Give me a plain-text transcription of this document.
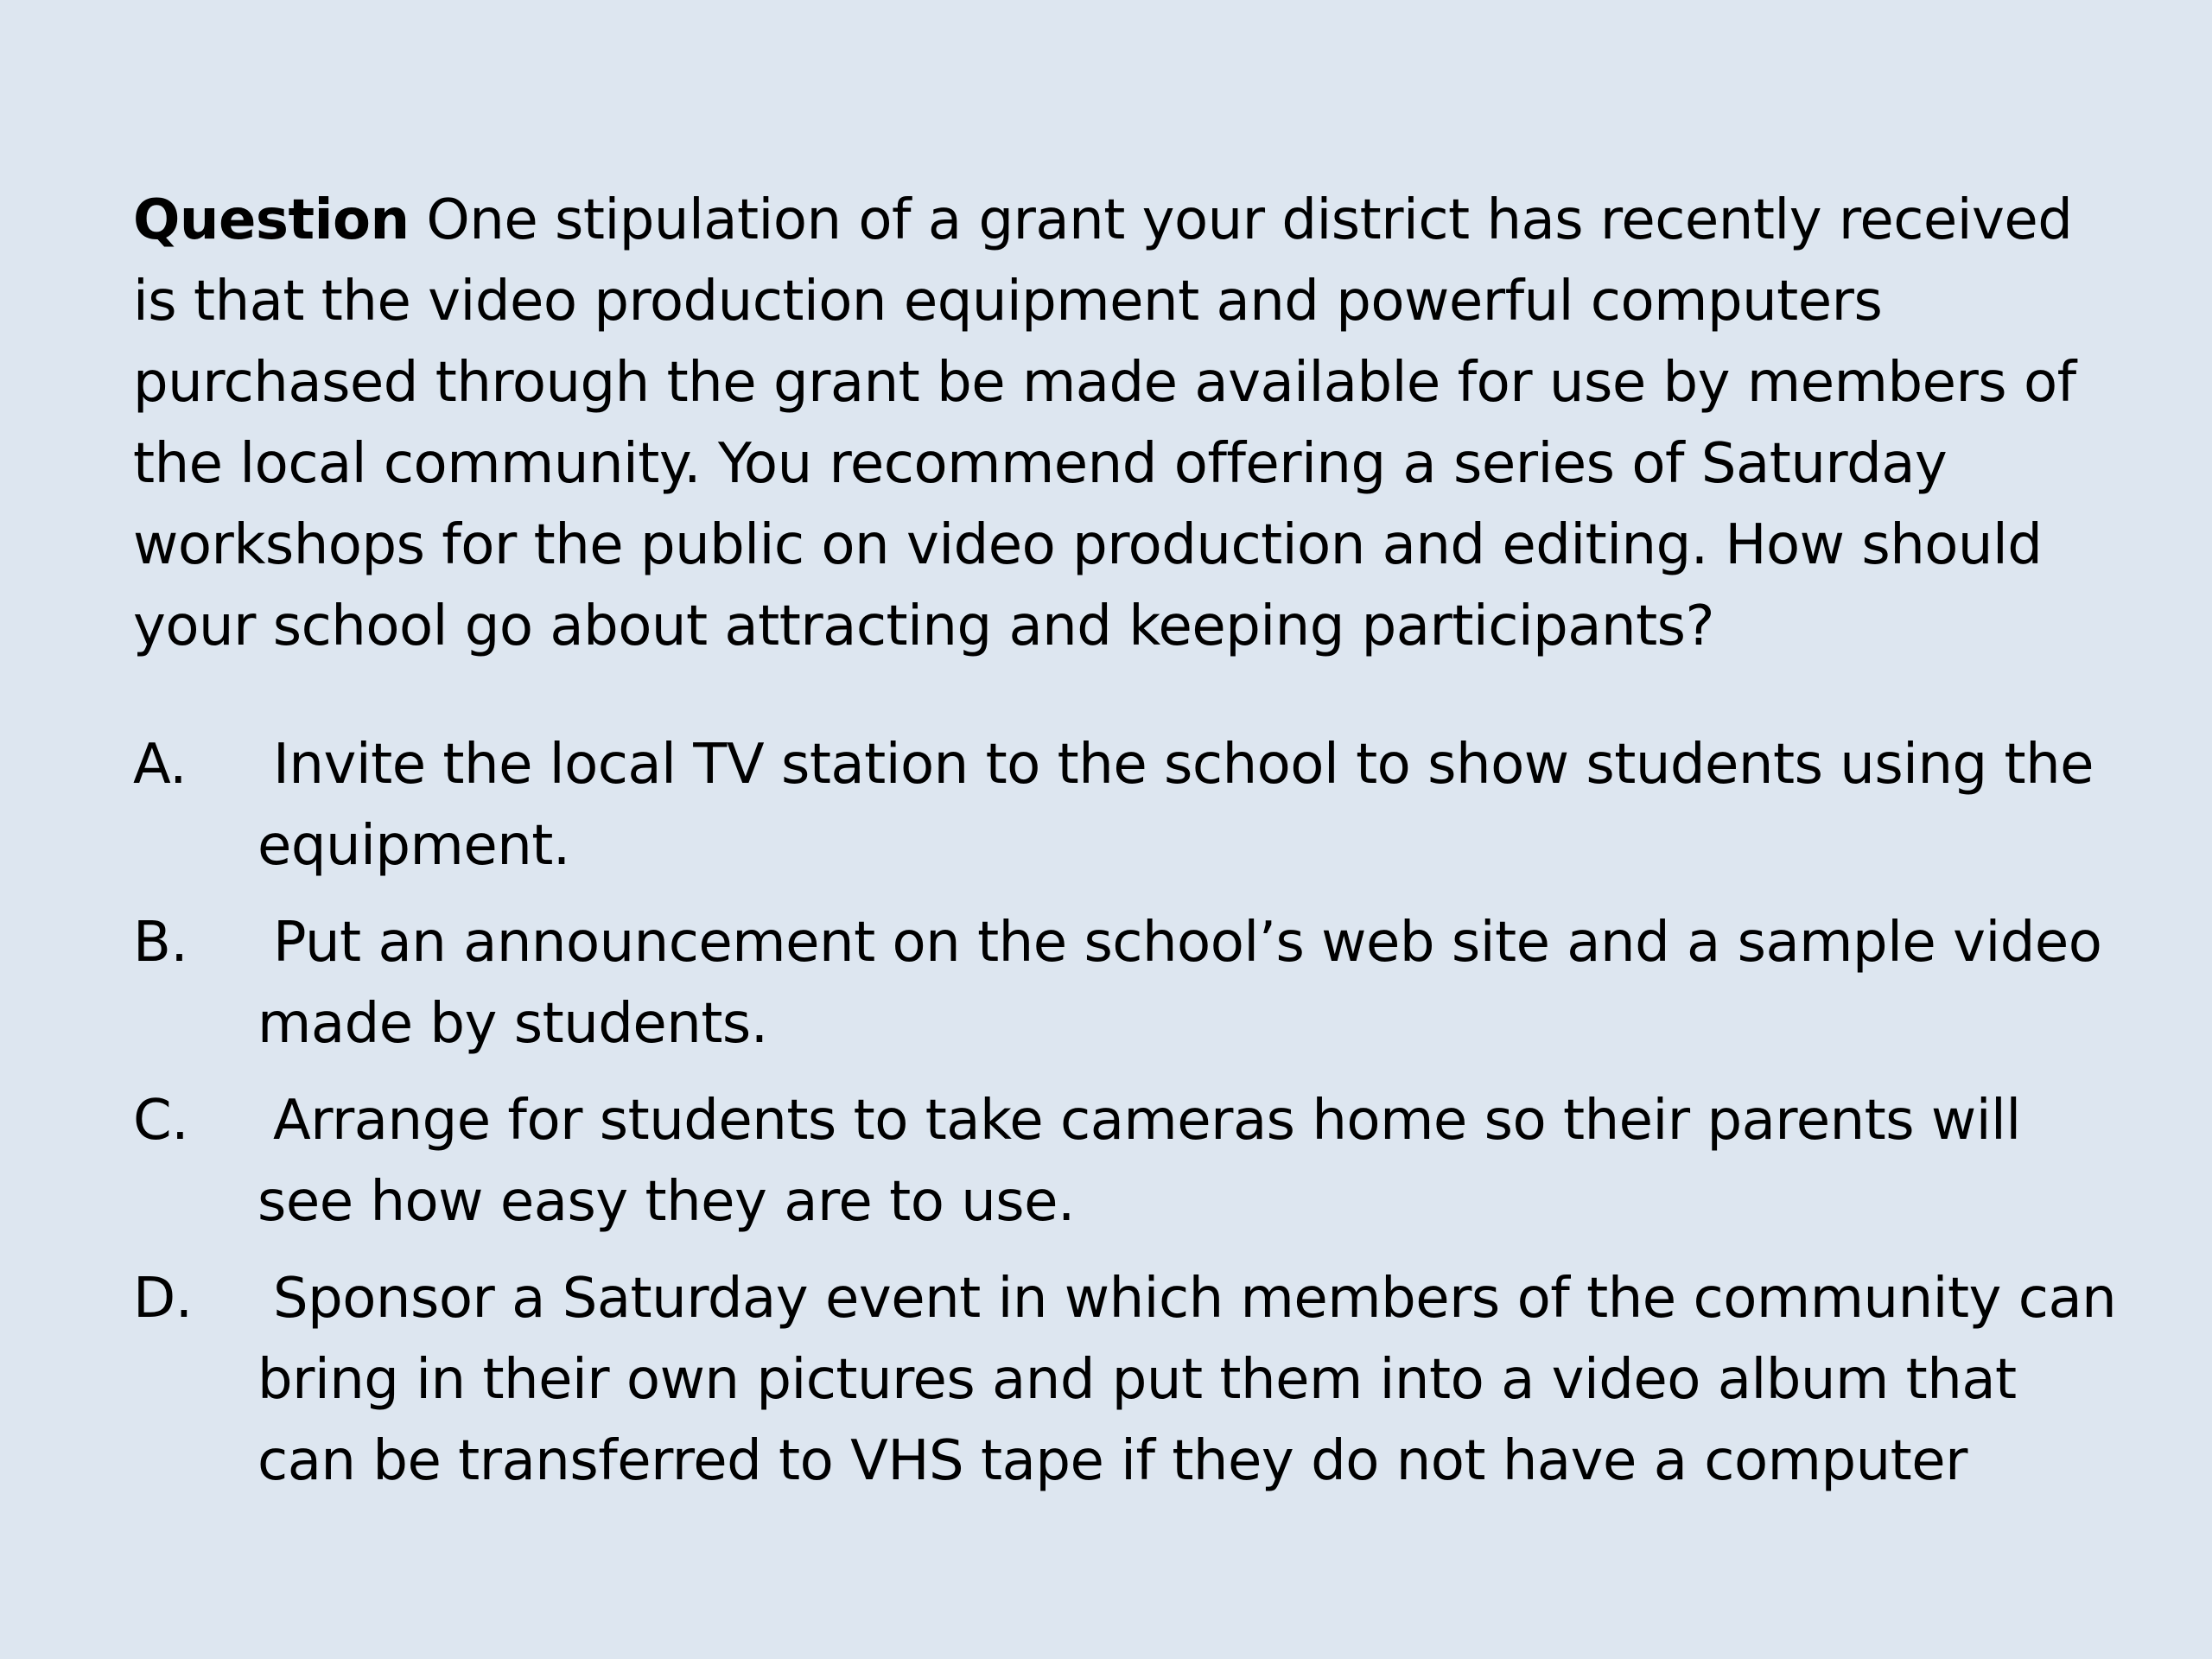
Question One stipulation of a grant your district has recently received is that the video production equipment and powerful computers purchased through the grant be made available for use by members of the local community. You recommend offering a series of Saturday workshops for the public on video production and editing. How should your school go about attracting and keeping participants?

A. Invite the local TV station to the school to show students using the equipment.
B. Put an announcement on the school’s web site and a sample video made by students.
C. Arrange for students to take cameras home so their parents will see how easy they are to use.
D. Sponsor a Saturday event in which members of the community can bring in their own pictures and put them into a video album that can be transferred to VHS tape if they do not have a computer
